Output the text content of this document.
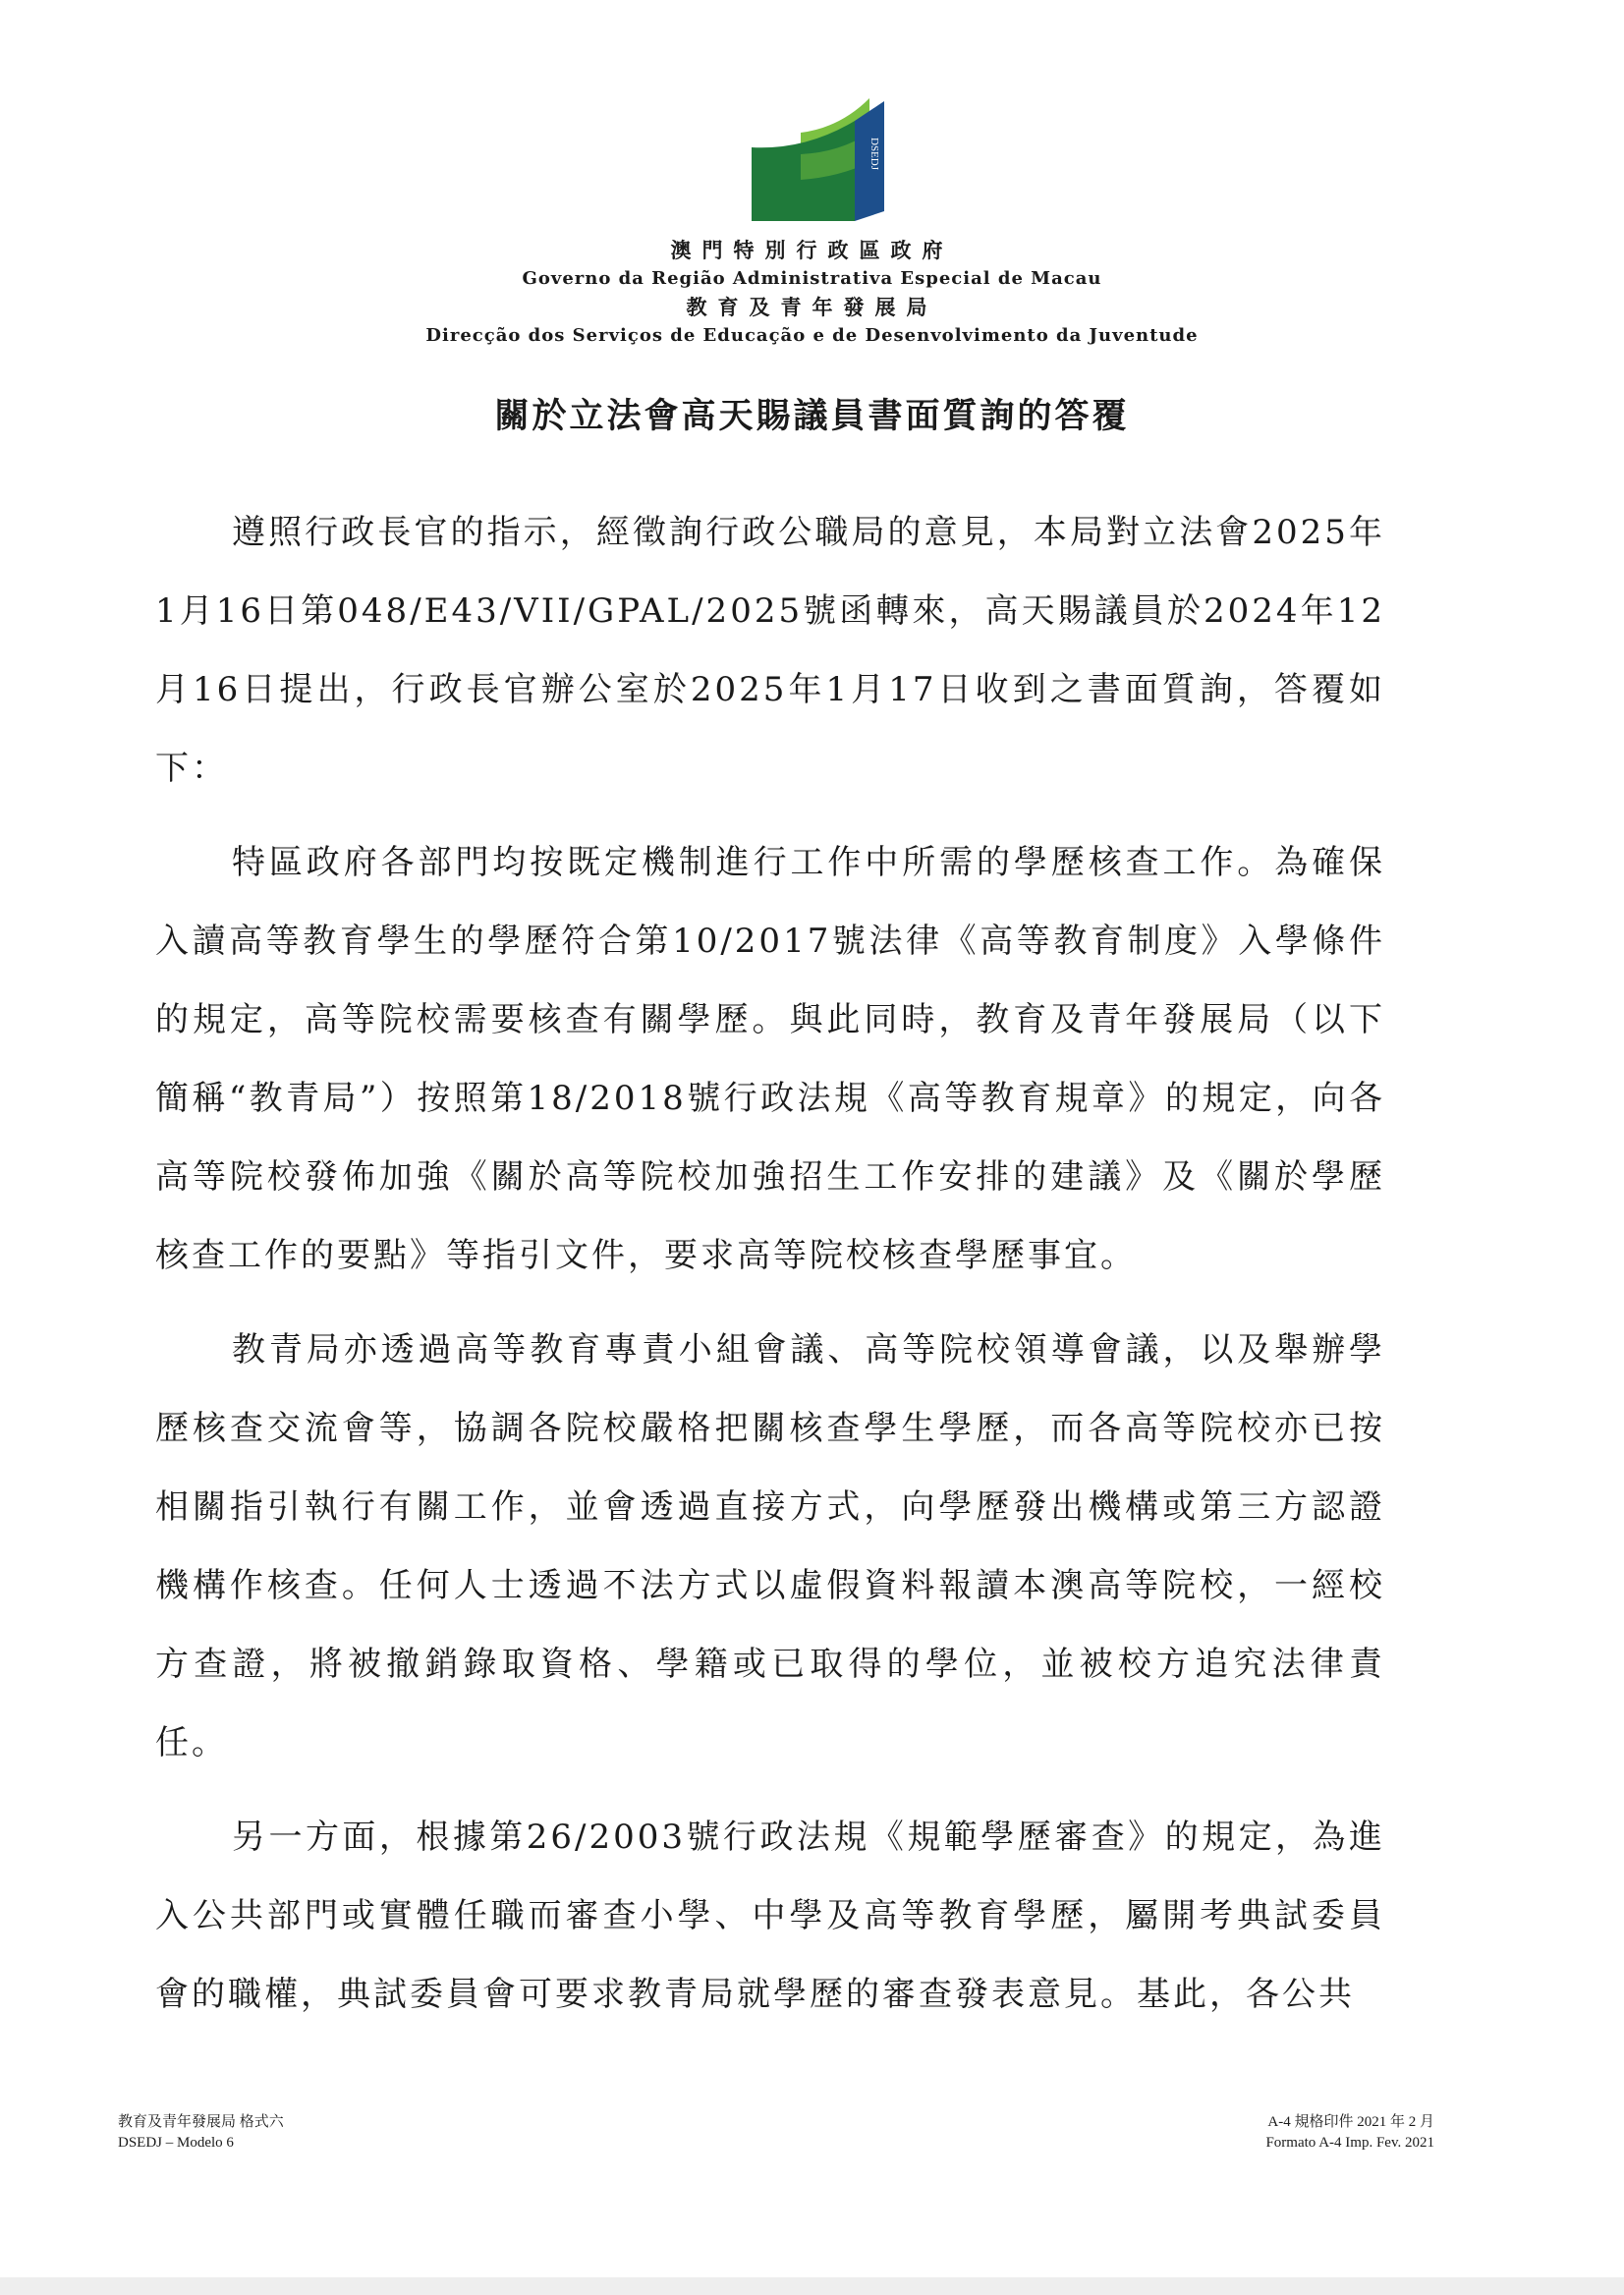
DSEDJ
澳門特別行政區政府
Governo da Região Administrativa Especial de Macau
教育及青年發展局
Direcção dos Serviços de Educação e de Desenvolvimento da Juventude
關於立法會高天賜議員書面質詢的答覆

遵照行政長官的指示，經徵詢行政公職局的意見，本局對立法會2025年1月16日第048/E43/VII/GPAL/2025號函轉來，高天賜議員於2024年12月16日提出，行政長官辦公室於2025年1月17日收到之書面質詢，答覆如下：

特區政府各部門均按既定機制進行工作中所需的學歷核查工作。為確保入讀高等教育學生的學歷符合第10/2017號法律《高等教育制度》入學條件的規定，高等院校需要核查有關學歷。與此同時，教育及青年發展局（以下簡稱“教青局”）按照第18/2018號行政法規《高等教育規章》的規定，向各高等院校發佈加強《關於高等院校加強招生工作安排的建議》及《關於學歷核查工作的要點》等指引文件，要求高等院校核查學歷事宜。

教青局亦透過高等教育專責小組會議、高等院校領導會議，以及舉辦學歷核查交流會等，協調各院校嚴格把關核查學生學歷，而各高等院校亦已按相關指引執行有關工作，並會透過直接方式，向學歷發出機構或第三方認證機構作核查。任何人士透過不法方式以虛假資料報讀本澳高等院校，一經校方查證，將被撤銷錄取資格、學籍或已取得的學位，並被校方追究法律責任。

另一方面，根據第26/2003號行政法規《規範學歷審查》的規定，為進入公共部門或實體任職而審查小學、中學及高等教育學歷，屬開考典試委員會的職權，典試委員會可要求教青局就學歷的審查發表意見。基此，各公共

教育及青年發展局 格式六
DSEDJ – Modelo 6
A-4 規格印件 2021 年 2 月
Formato A-4 Imp. Fev. 2021
